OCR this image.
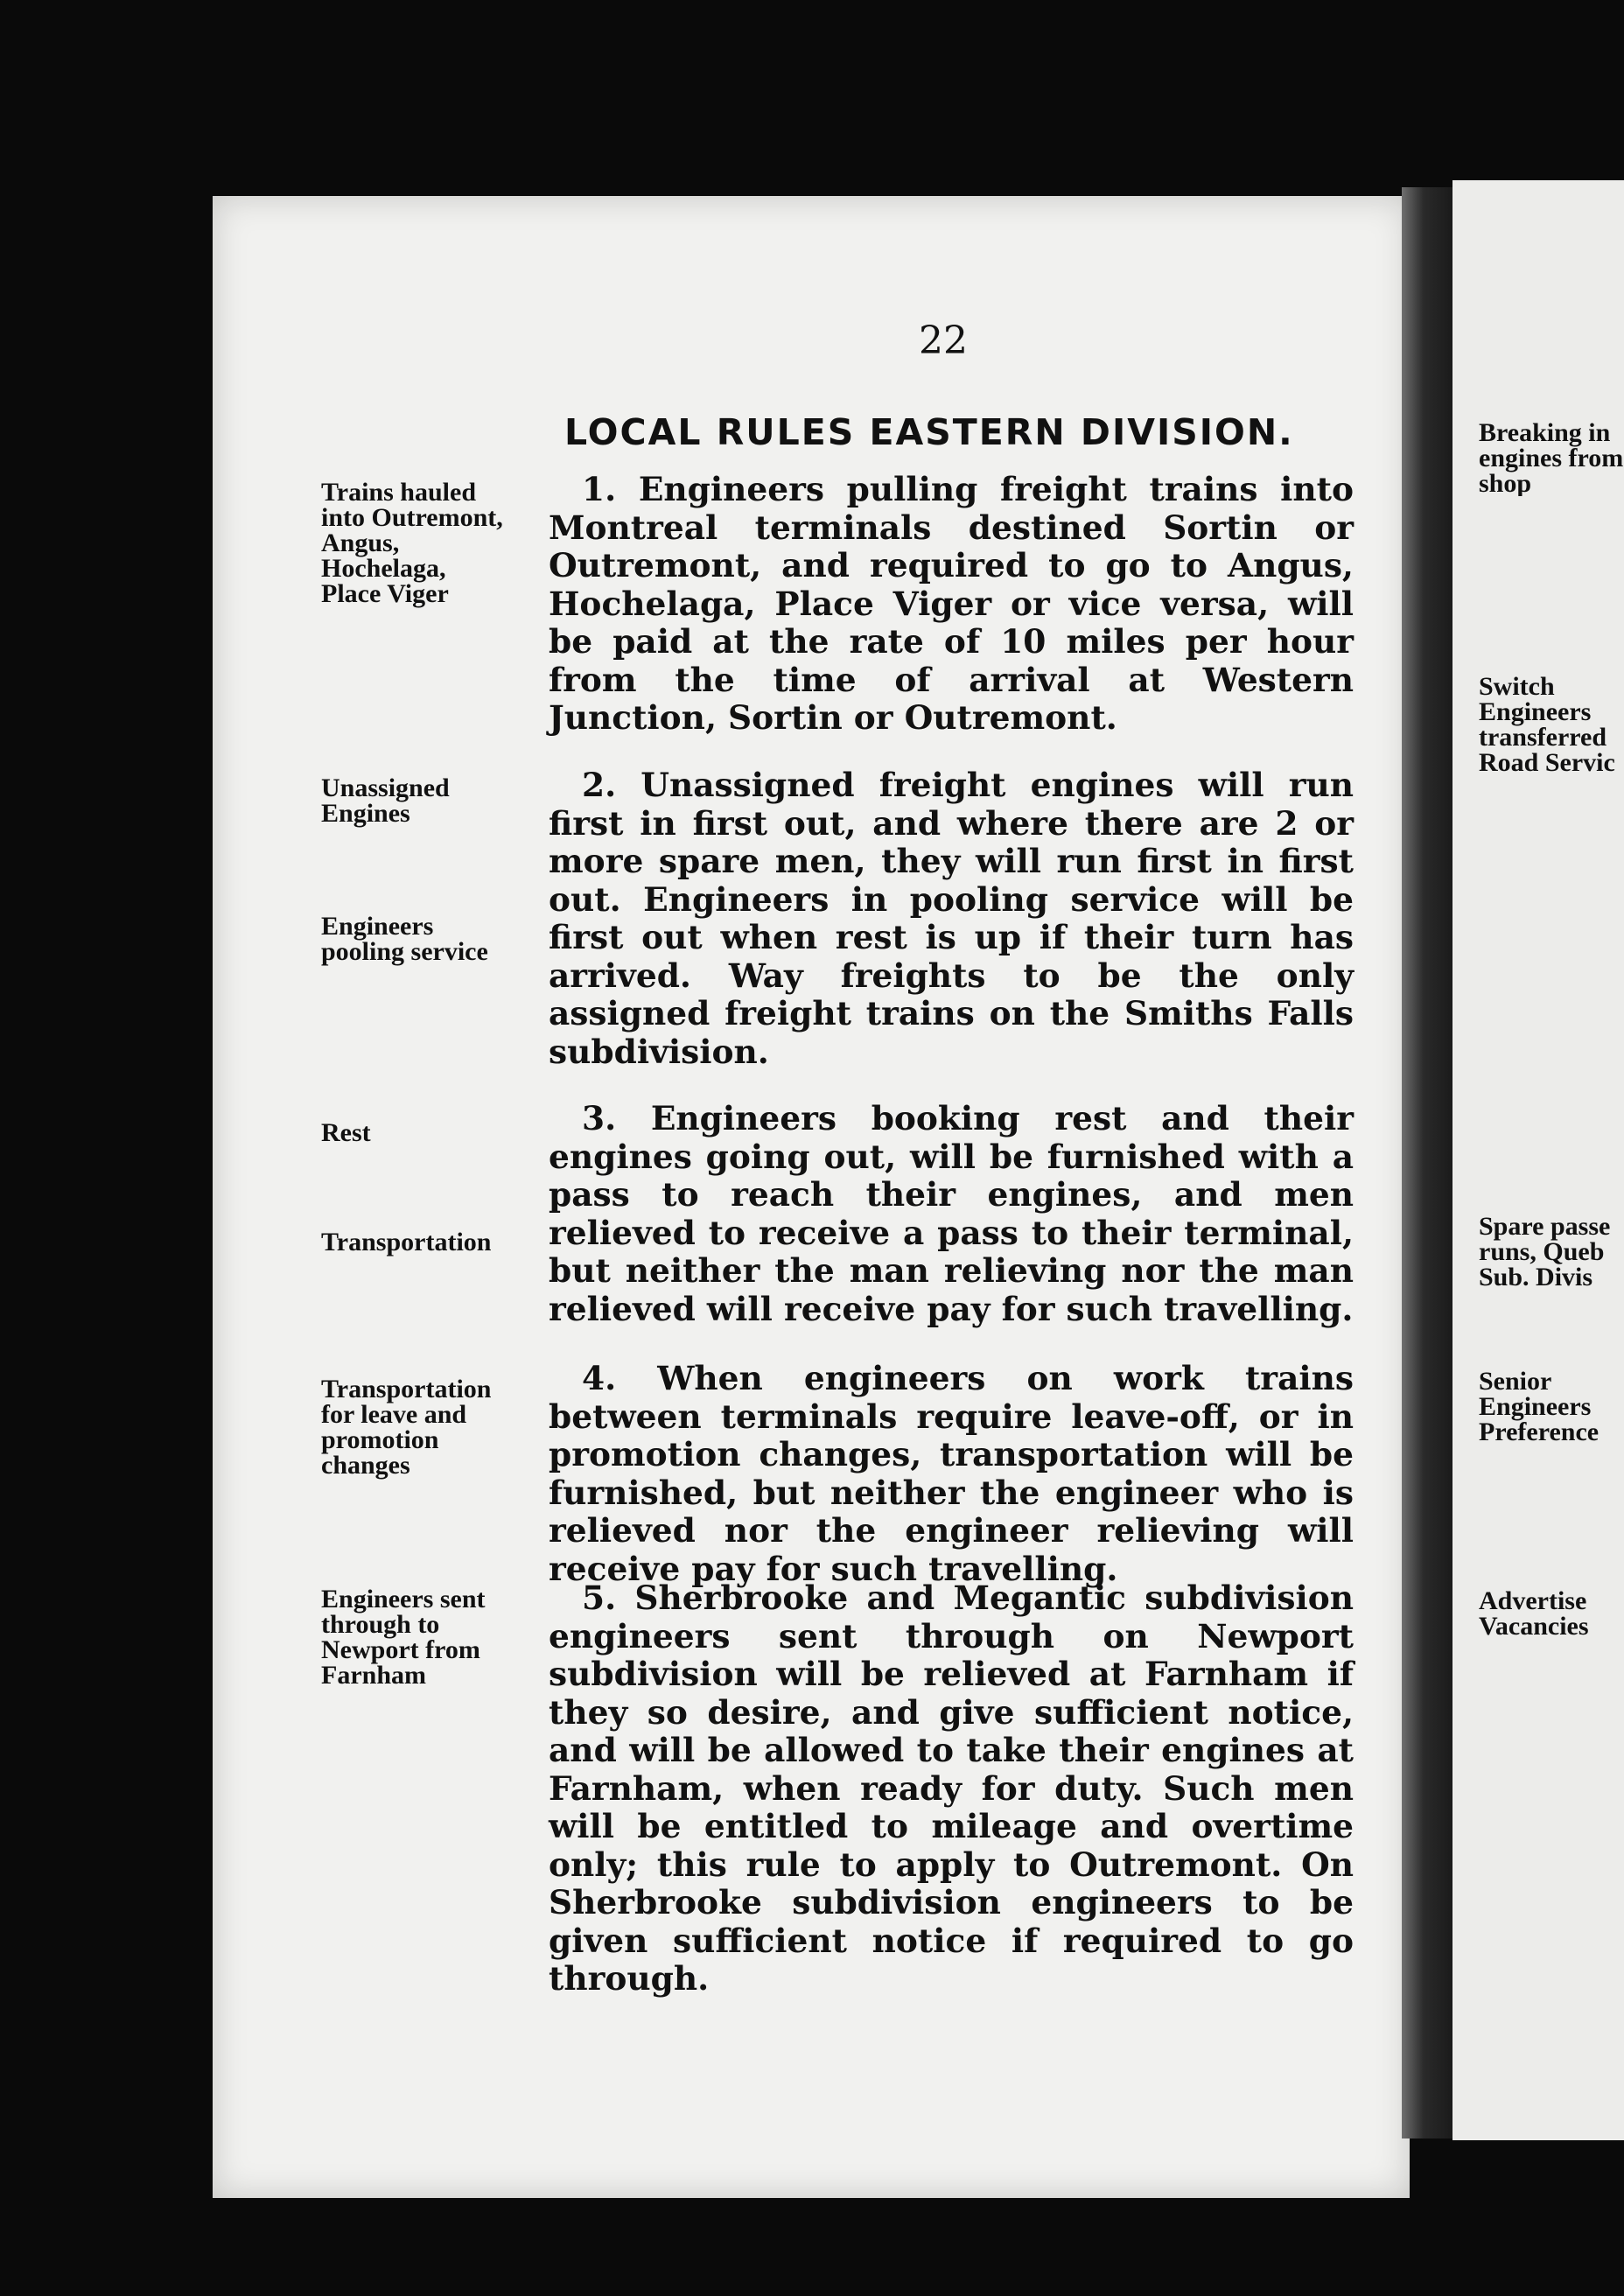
22
LOCAL RULES EASTERN DIVISION.
Trains hauled
into Outremont,
Angus,
Hochelaga,
Place Viger
Unassigned
Engines
Engineers
pooling service
Rest
Transportation
Transportation
for leave and
promotion
changes
Engineers sent
through to
Newport from
Farnham

1. Engineers pulling freight trains into Montreal terminals destined Sortin or Outremont, and required to go to Angus, Hochelaga, Place Viger or vice versa, will be paid at the rate of 10 miles per hour from the time of arrival at Western Junction, Sortin or Outremont.

2. Unassigned freight engines will run first in first out, and where there are 2 or more spare men, they will run first in first out. Engineers in pooling service will be first out when rest is up if their turn has arrived. Way freights to be the only assigned freight trains on the Smiths Falls subdivision.

3. Engineers booking rest and their engines going out, will be furnished with a pass to reach their engines, and men relieved to receive a pass to their terminal, but neither the man relieving nor the man relieved will receive pay for such travelling.

4. When engineers on work trains between terminals require leave-off, or in promotion changes, transportation will be furnished, but neither the engineer who is relieved nor the engineer relieving will receive pay for such travelling.

5. Sherbrooke and Megantic subdivision engineers sent through on Newport subdivision will be relieved at Farnham if they so desire, and give sufficient notice, and will be allowed to take their engines at Farnham, when ready for duty. Such men will be entitled to mileage and overtime only; this rule to apply to Outremont. On Sherbrooke subdivision engineers to be given sufficient notice if required to go through.

Breaking in
engines from
shop
Switch
Engineers
transferred
Road Servic
Spare passe
runs, Queb
Sub. Divis
Senior
Engineers
Preference
Advertise
Vacancies
